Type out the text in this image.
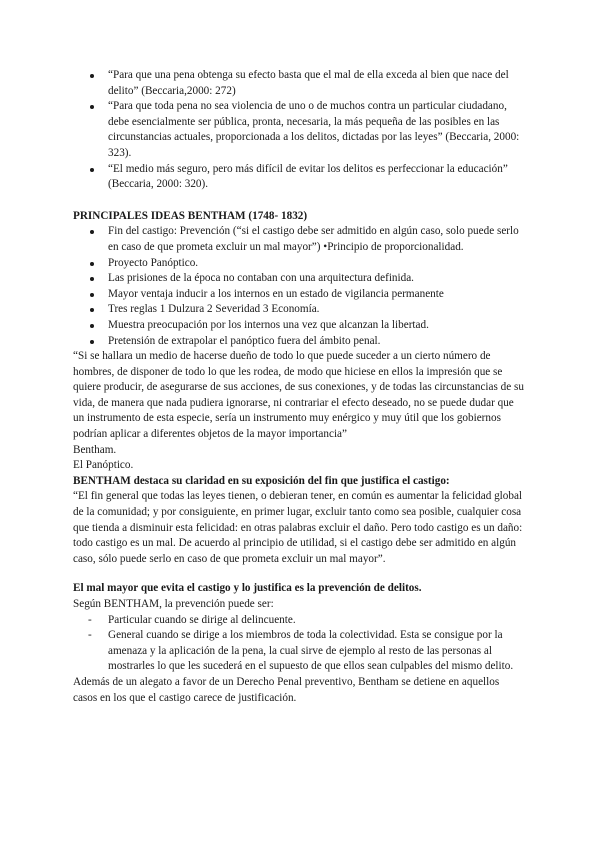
“Para que una pena obtenga su efecto basta que el mal de ella exceda al bien que nace del delito” (Beccaria,2000: 272)
“Para que toda pena no sea violencia de uno o de muchos contra un particular ciudadano, debe esencialmente ser pública, pronta, necesaria, la más pequeña de las posibles en las circunstancias actuales, proporcionada a los delitos, dictadas por las leyes” (Beccaria, 2000: 323).
“El medio más seguro, pero más difícil de evitar los delitos es perfeccionar la educación” (Beccaria, 2000: 320).

PRINCIPALES IDEAS BENTHAM (1748- 1832)

Fin del castigo: Prevención (“si el castigo debe ser admitido en algún caso, solo puede serlo en caso de que prometa excluir un mal mayor”) •Principio de proporcionalidad.
Proyecto Panóptico.
Las prisiones de la época no contaban con una arquitectura definida.
Mayor ventaja inducir a los internos en un estado de vigilancia permanente
Tres reglas 1 Dulzura 2 Severidad 3 Economía.
Muestra preocupación por los internos una vez que alcanzan la libertad.
Pretensión de extrapolar el panóptico fuera del ámbito penal.

“Si se hallara un medio de hacerse dueño de todo lo que puede suceder a un cierto número de hombres, de disponer de todo lo que les rodea, de modo que hiciese en ellos la impresión que se quiere producir, de asegurarse de sus acciones, de sus conexiones, y de todas las circunstancias de su vida, de manera que nada pudiera ignorarse, ni contrariar el efecto deseado, no se puede dudar que un instrumento de esta especie, sería un instrumento muy enérgico y muy útil que los gobiernos podrían aplicar a diferentes objetos de la mayor importancia”

Bentham.

El Panóptico.

BENTHAM destaca su claridad en su exposición del fin que justifica el castigo:

“El fin general que todas las leyes tienen, o debieran tener, en común es aumentar la felicidad global de la comunidad; y por consiguiente, en primer lugar, excluir tanto como sea posible, cualquier cosa que tienda a disminuir esta felicidad: en otras palabras excluir el daño. Pero todo castigo es un daño: todo castigo es un mal. De acuerdo al principio de utilidad, si el castigo debe ser admitido en algún caso, sólo puede serlo en caso de que prometa excluir un mal mayor”.

El mal mayor que evita el castigo y lo justifica es la prevención de delitos.

Según BENTHAM, la prevención puede ser:

- Particular cuando se dirige al delincuente.
- General cuando se dirige a los miembros de toda la colectividad. Esta se consigue por la amenaza y la aplicación de la pena, la cual sirve de ejemplo al resto de las personas al mostrarles lo que les sucederá en el supuesto de que ellos sean culpables del mismo delito.

Además de un alegato a favor de un Derecho Penal preventivo, Bentham se detiene en aquellos casos en los que el castigo carece de justificación.
